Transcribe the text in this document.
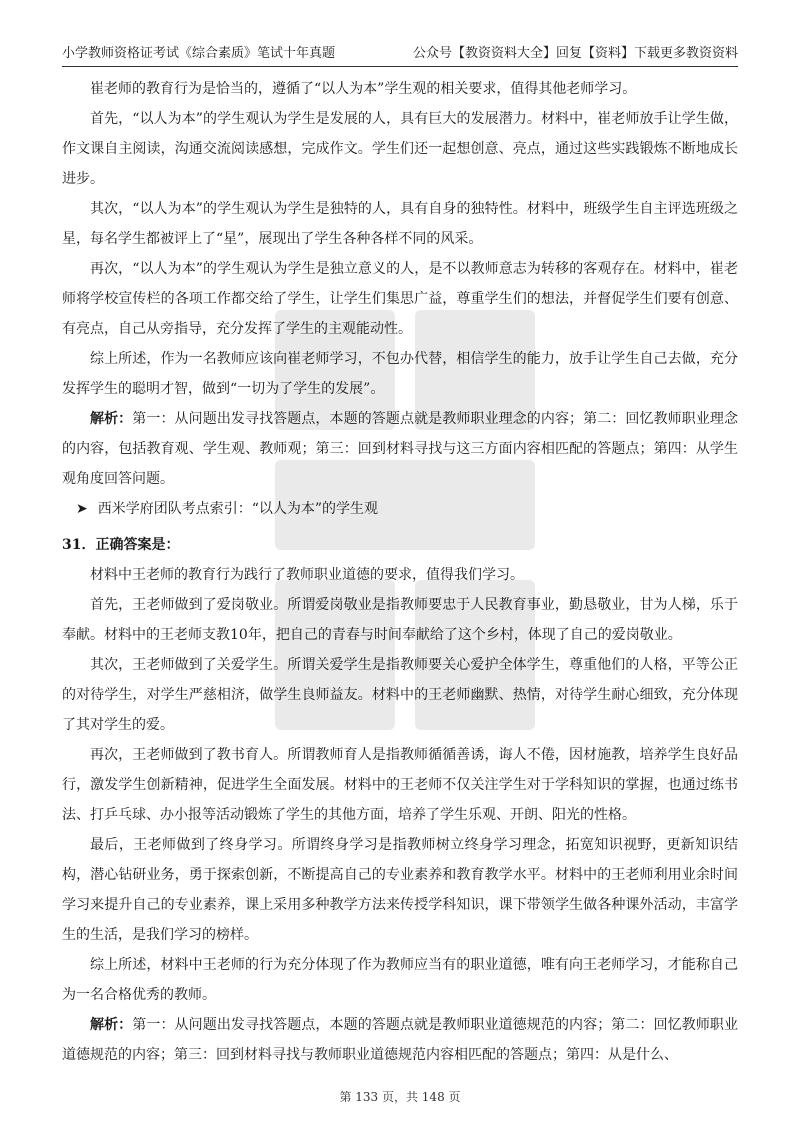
小学教师资格证考试《综合素质》笔试十年真题	公众号【教资资料大全】回复【资料】下载更多教资资料

崔老师的教育行为是恰当的，遵循了“以人为本”学生观的相关要求，值得其他老师学习。

首先，“以人为本”的学生观认为学生是发展的人，具有巨大的发展潜力。材料中，崔老师放手让学生做，作文课自主阅读，沟通交流阅读感想，完成作文。学生们还一起想创意、亮点，通过这些实践锻炼不断地成长进步。

其次，“以人为本”的学生观认为学生是独特的人，具有自身的独特性。材料中，班级学生自主评选班级之星，每名学生都被评上了“星”，展现出了学生各种各样不同的风采。

再次，“以人为本”的学生观认为学生是独立意义的人，是不以教师意志为转移的客观存在。材料中，崔老师将学校宣传栏的各项工作都交给了学生，让学生们集思广益，尊重学生们的想法，并督促学生们要有创意、有亮点，自己从旁指导，充分发挥了学生的主观能动性。

综上所述，作为一名教师应该向崔老师学习，不包办代替，相信学生的能力，放手让学生自己去做，充分发挥学生的聪明才智，做到“一切为了学生的发展”。

解析：第一：从问题出发寻找答题点，本题的答题点就是教师职业理念的内容；第二：回忆教师职业理念的内容，包括教育观、学生观、教师观；第三：回到材料寻找与这三方面内容相匹配的答题点；第四：从学生观角度回答问题。

➤ 西米学府团队考点索引：“以人为本”的学生观

31．正确答案是：

材料中王老师的教育行为践行了教师职业道德的要求，值得我们学习。

首先，王老师做到了爱岗敬业。所谓爱岗敬业是指教师要忠于人民教育事业，勤恳敬业，甘为人梯，乐于奉献。材料中的王老师支教10年，把自己的青春与时间奉献给了这个乡村，体现了自己的爱岗敬业。

其次，王老师做到了关爱学生。所谓关爱学生是指教师要关心爱护全体学生，尊重他们的人格，平等公正的对待学生，对学生严慈相济，做学生良师益友。材料中的王老师幽默、热情，对待学生耐心细致，充分体现了其对学生的爱。

再次，王老师做到了教书育人。所谓教师育人是指教师循循善诱，诲人不倦，因材施教，培养学生良好品行，激发学生创新精神，促进学生全面发展。材料中的王老师不仅关注学生对于学科知识的掌握，也通过练书法、打乒乓球、办小报等活动锻炼了学生的其他方面，培养了学生乐观、开朗、阳光的性格。

最后，王老师做到了终身学习。所谓终身学习是指教师树立终身学习理念，拓宽知识视野，更新知识结构，潜心钻研业务，勇于探索创新，不断提高自己的专业素养和教育教学水平。材料中的王老师利用业余时间学习来提升自己的专业素养，课上采用多种教学方法来传授学科知识，课下带领学生做各种课外活动，丰富学生的生活，是我们学习的榜样。

综上所述，材料中王老师的行为充分体现了作为教师应当有的职业道德，唯有向王老师学习，才能称自己为一名合格优秀的教师。

解析：第一：从问题出发寻找答题点，本题的答题点就是教师职业道德规范的内容；第二：回忆教师职业道德规范的内容；第三：回到材料寻找与教师职业道德规范内容相匹配的答题点；第四：从是什么、

第 133 页，共 148 页
